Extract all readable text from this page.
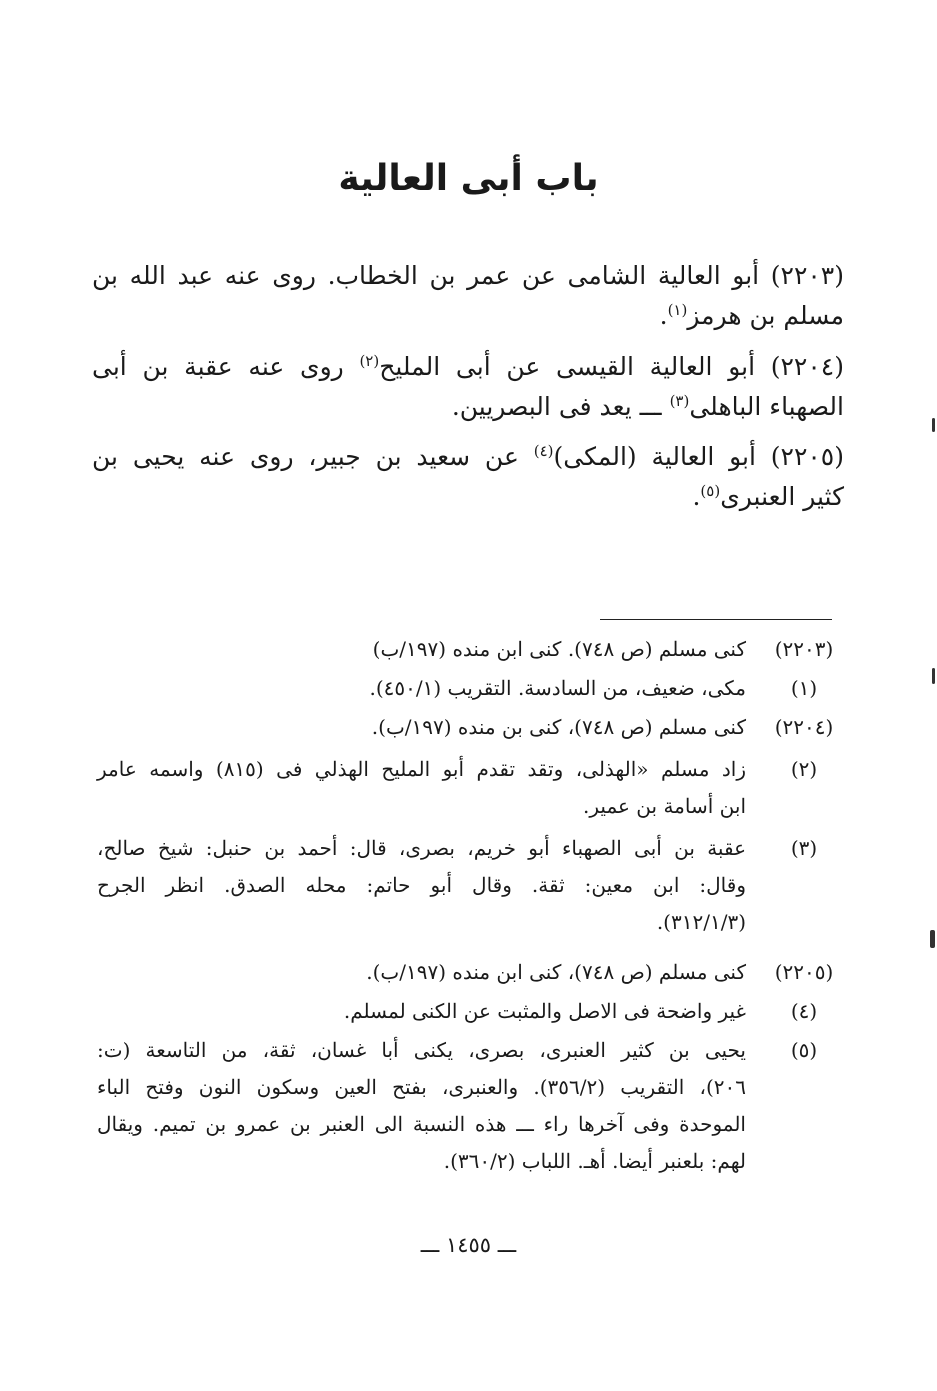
باب أبى العالية
(٢٢٠٣) أبو العالية الشامى عن عمر بن الخطاب. روى عنه عبد الله بن
مسلم بن هرمز$^{(١)}$.
(٢٢٠٤) أبو العالية القيسى عن أبى المليح$^{(٢)}$ روى عنه عقبة بن أبى
الصهباء الباهلى$^{(٣)}$ ـــ يعد فى البصريين.
(٢٢٠٥) أبو العالية (المكى)$^{(٤)}$ عن سعيد بن جبير، روى عنه يحيى بن
كثير العنبرى$^{(٥)}$.
(٢٢٠٣)
كنى مسلم (ص ٧٤٨). كنى ابن منده (١٩٧/ب)
(١)
مكى، ضعيف، من السادسة. التقريب (٤٥٠/١).
(٢٢٠٤)
كنى مسلم (ص ٧٤٨)، كنى بن منده (١٩٧/ب).
(٢)
زاد مسلم «الهذلى، وتقد تقدم أبو المليح الهذلي فى (٨١٥) واسمه عامر
ابن أسامة بن عمير.
(٣)
عقبة بن أبى الصهباء أبو خريم، بصرى، قال: أحمد بن حنبل: شيخ صالح،
وقال: ابن معين: ثقة. وقال أبو حاتم: محله الصدق. انظر الجرح
(٣١٢/١/٣).
(٢٢٠٥)
كنى مسلم (ص ٧٤٨)، كنى ابن منده (١٩٧/ب).
(٤)
غير واضحة فى الاصل والمثبت عن الكنى لمسلم.
(٥)
يحيى بن كثير العنبرى، بصرى، يكنى أبا غسان، ثقة، من التاسعة (ت:
٢٠٦)، التقريب (٣٥٦/٢). والعنبرى، بفتح العين وسكون النون وفتح الباء
الموحدة وفى آخرها راء ـــ هذه النسبة الى العنبر بن عمرو بن تميم. ويقال
لهم: بلعنبر أيضا. أهـ. اللباب (٣٦٠/٢).
ـــ ١٤٥٥ ـــ
